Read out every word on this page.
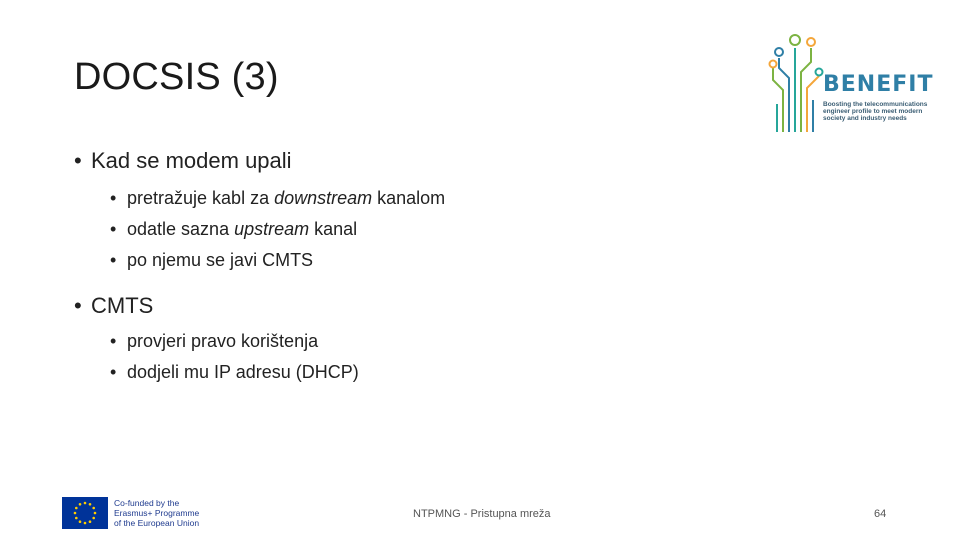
DOCSIS (3)	BENEFIT
Boosting the telecommunications engineer profile to meet modern society and industry needs
• Kad se modem upali
• pretražuje kabl za downstream kanalom
• odatle sazna upstream kanal
• po njemu se javi CMTS
• CMTS
• provjeri pravo korištenja
• dodjeli mu IP adresu (DHCP)
Co-funded by the
Erasmus+ Programme
of the European Union
NTPMNG - Pristupna mreža	64
